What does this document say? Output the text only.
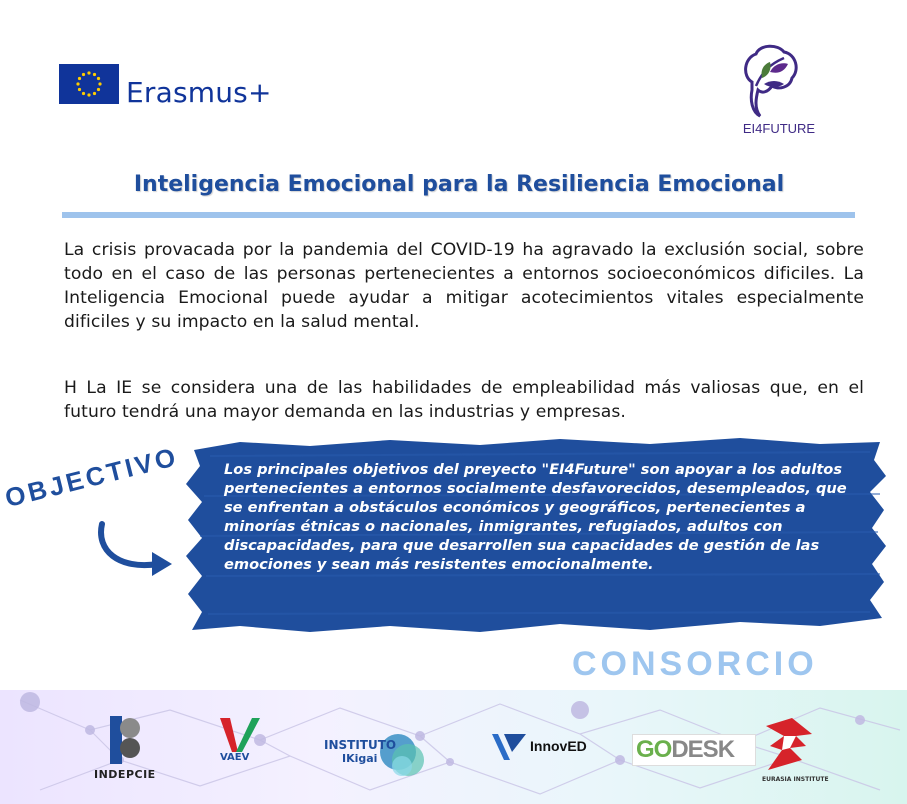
Erasmus+
EI4FUTURE
Inteligencia Emocional para la Resiliencia Emocional
La crisis provacada por la pandemia del COVID-19 ha agravado la exclusión social, sobre todo en el caso de las personas pertenecientes a entornos socioeconómicos dificiles. La Inteligencia Emocional puede ayudar a mitigar acotecimientos vitales especialmente dificiles y su impacto en la salud mental.
H La IE se considera una de las habilidades de empleabilidad más valiosas que, en el futuro tendrá una mayor demanda en las industrias y empresas.
OBJECTIVO	Los principales objetivos del preyecto "EI4Future" son apoyar a los adultos pertenecientes a entornos socialmente desfavorecidos, desempleados, que se enfrentan a obstáculos económicos y geográficos, pertenecientes a minorías étnicas o nacionales, inmigrantes, refugiados, adultos con discapacidades, para que desarrollen sua capacidades de gestión de las emociones y sean más resistentes emocionalmente.
CONSORCIO
INDEPCIE
VAEV
INSTITUTO
IKigai
InnovED GODESK
EURASIA INSTITUTE
